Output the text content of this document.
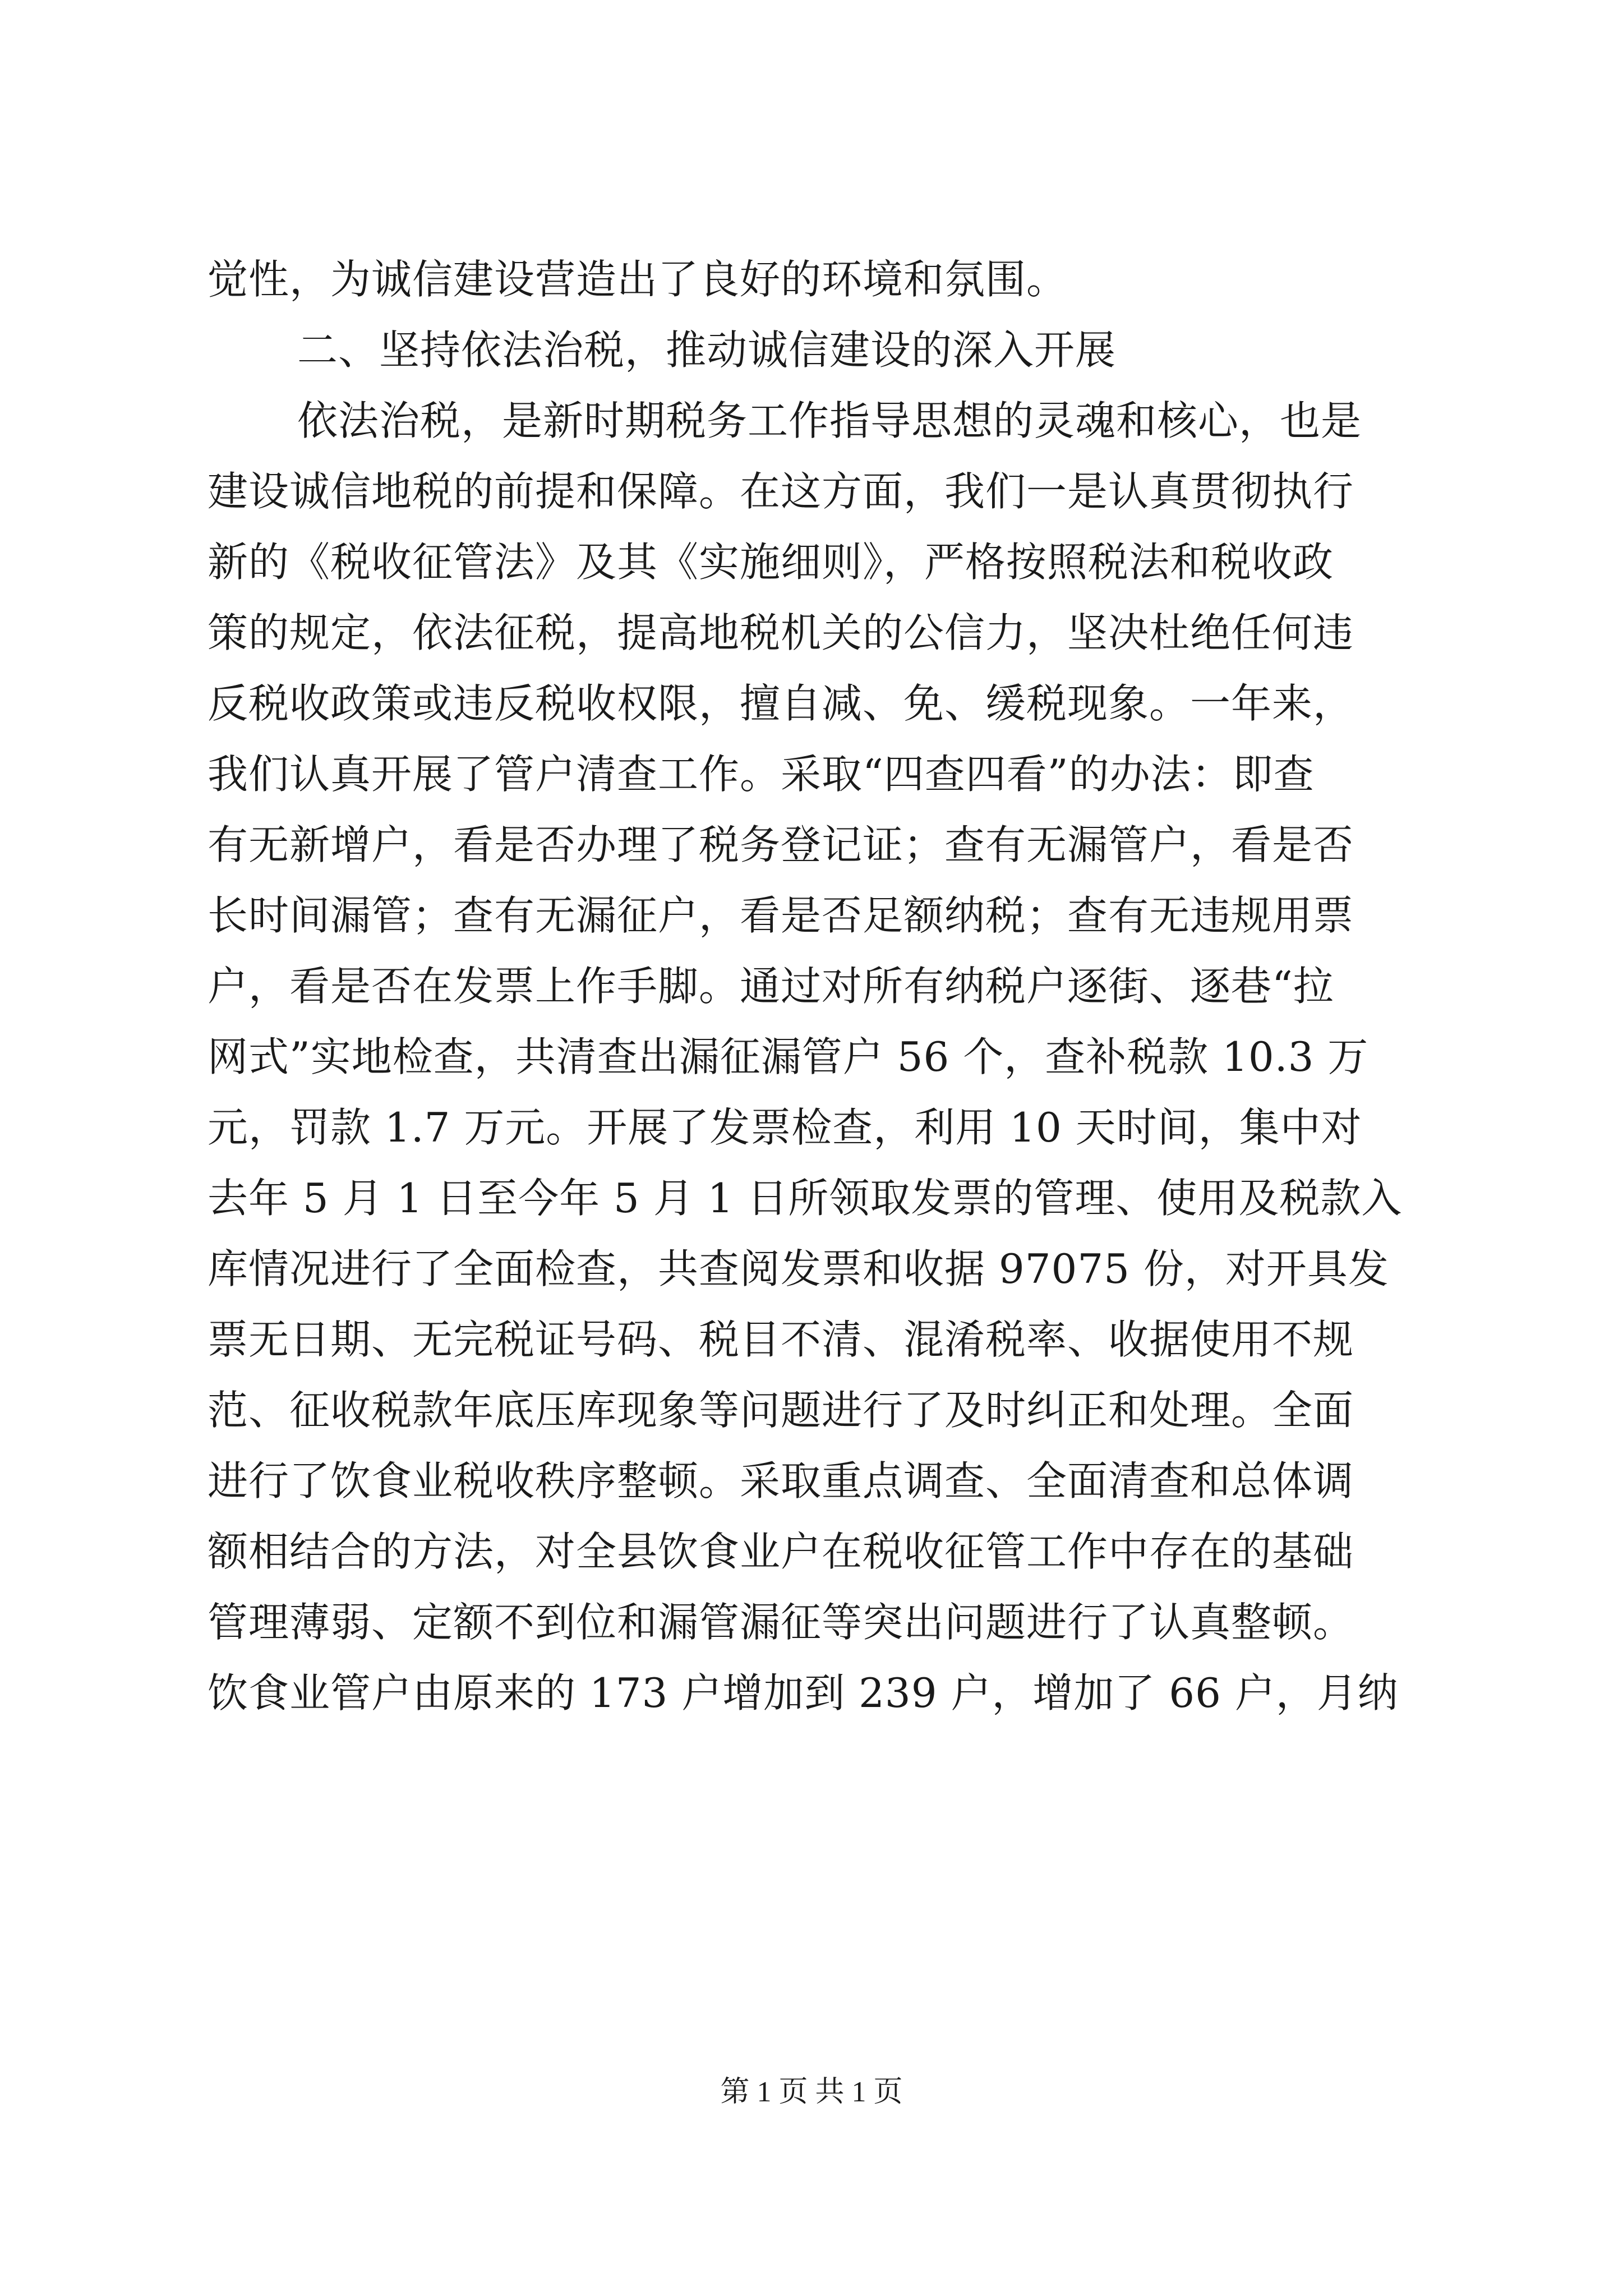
觉性，为诚信建设营造出了良好的环境和氛围。
二、坚持依法治税，推动诚信建设的深入开展
依法治税，是新时期税务工作指导思想的灵魂和核心，也是
建设诚信地税的前提和保障。在这方面，我们一是认真贯彻执行
新的《税收征管法》及其《实施细则》，严格按照税法和税收政
策的规定，依法征税，提高地税机关的公信力，坚决杜绝任何违
反税收政策或违反税收权限，擅自减、免、缓税现象。一年来，
我们认真开展了管户清查工作。采取“四查四看”的办法：即查
有无新增户，看是否办理了税务登记证；查有无漏管户，看是否
长时间漏管；查有无漏征户，看是否足额纳税；查有无违规用票
户，看是否在发票上作手脚。通过对所有纳税户逐街、逐巷“拉
网式”实地检查，共清查出漏征漏管户 56 个，查补税款 10.3 万
元，罚款 1.7 万元。开展了发票检查，利用 10 天时间，集中对
去年 5 月 1 日至今年 5 月 1 日所领取发票的管理、使用及税款入
库情况进行了全面检查，共查阅发票和收据 97075 份，对开具发
票无日期、无完税证号码、税目不清、混淆税率、收据使用不规
范、征收税款年底压库现象等问题进行了及时纠正和处理。全面
进行了饮食业税收秩序整顿。采取重点调查、全面清查和总体调
额相结合的方法，对全县饮食业户在税收征管工作中存在的基础
管理薄弱、定额不到位和漏管漏征等突出问题进行了认真整顿。
饮食业管户由原来的 173 户增加到 239 户，增加了 66 户，月纳
第 1 页 共 1 页
